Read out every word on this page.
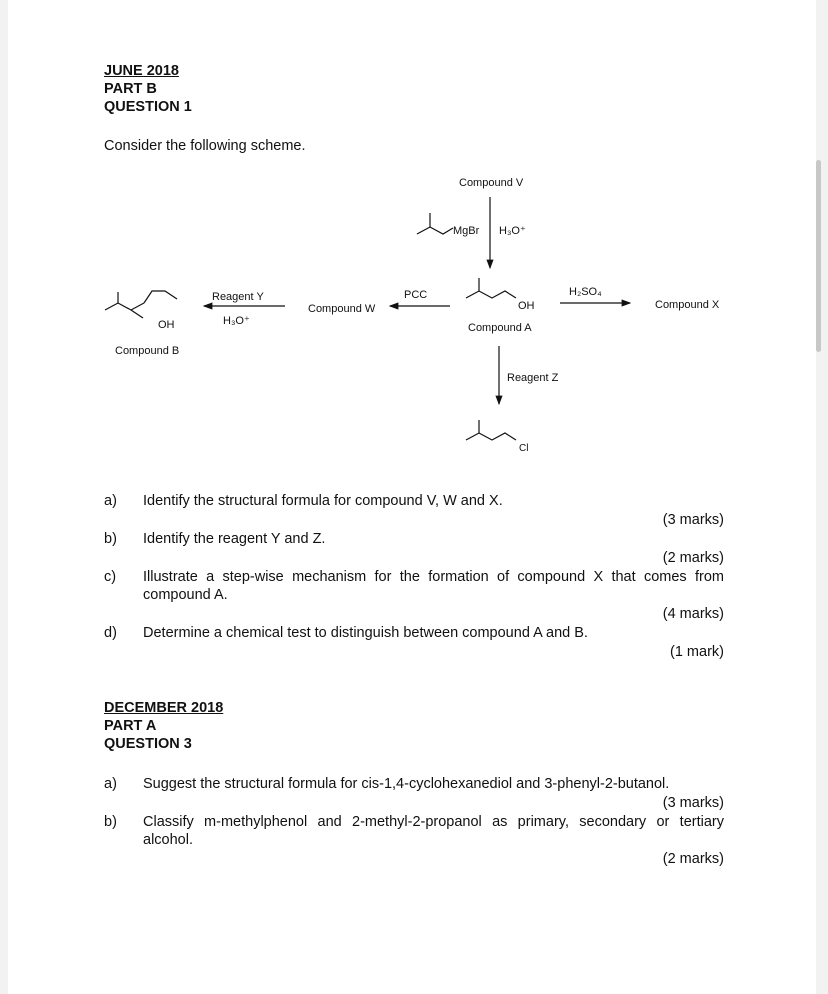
JUNE 2018
PART B
QUESTION 1
Consider the following scheme.
Compound V
MgBr H₃O⁺
PCC
Compound W
Reagent Y
H₃O⁺
OH
Compound B
OH
Compound A
H₂SO₄
Compound X
Reagent Z
Cl
a) Identify the structural formula for compound V, W and X.
(3 marks)
b) Identify the reagent Y and Z.
(2 marks)
c) Illustrate a step-wise mechanism for the formation of compound X that comes from compound A.
(4 marks)
d) Determine a chemical test to distinguish between compound A and B.
(1 mark)
DECEMBER 2018
PART A
QUESTION 3
a) Suggest the structural formula for cis-1,4-cyclohexanediol and 3-phenyl-2-butanol.
(3 marks)
b) Classify m-methylphenol and 2-methyl-2-propanol as primary, secondary or tertiary alcohol.
(2 marks)
